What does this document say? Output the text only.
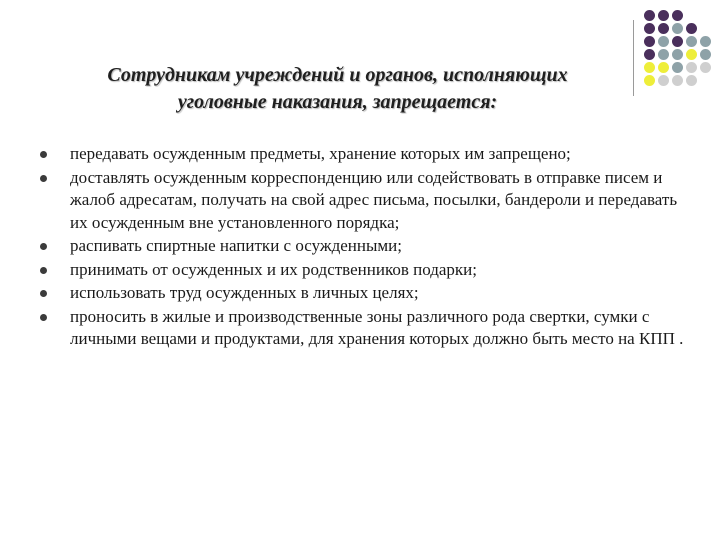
Сотрудникам учреждений и органов, исполняющих
уголовные наказания, запрещается:
передавать осужденным предметы, хранение которых им запрещено;
доставлять осужденным корреспонденцию или содействовать в отправке писем и жалоб адресатам, получать на свой адрес письма, посылки, бандероли и передавать их осужденным вне установленного порядка;
распивать спиртные напитки с осужденными;
принимать от осужденных и их родственников подарки;
использовать труд осужденных в личных целях;
проносить в жилые и производственные зоны различного рода свертки, сумки с личными вещами и продуктами, для хранения которых должно быть место на КПП .
